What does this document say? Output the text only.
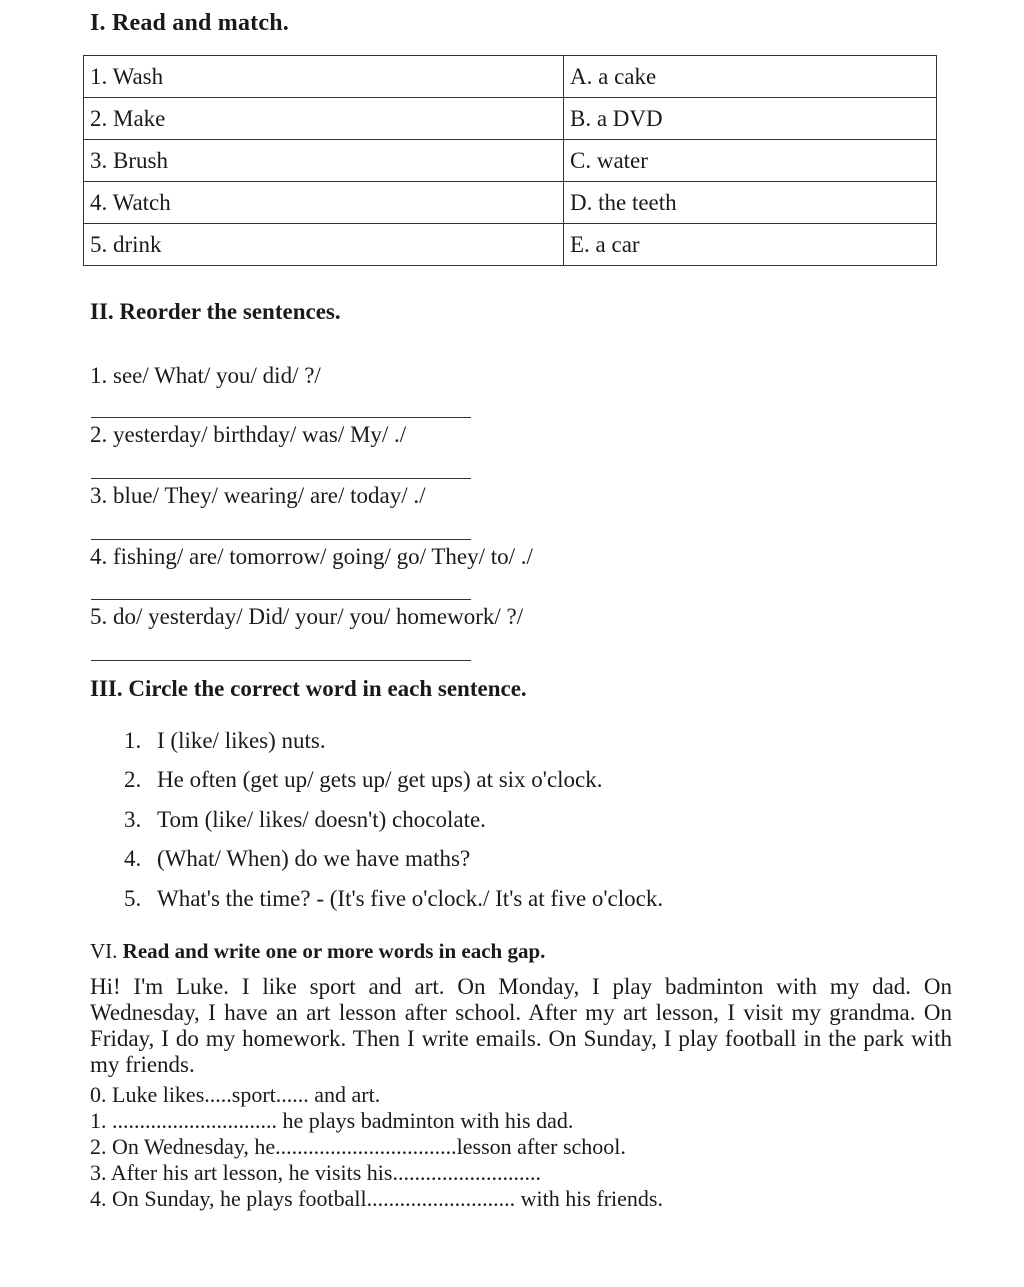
I. Read and match.
1. Wash	A. a cake
2. Make	B. a DVD
3. Brush	C. water
4. Watch	D. the teeth
5. drink	E. a car
II. Reorder the sentences.
1. see/ What/ you/ did/ ?/
2. yesterday/ birthday/ was/ My/ ./
3. blue/ They/ wearing/ are/ today/ ./
4. fishing/ are/ tomorrow/ going/ go/ They/ to/ ./
5. do/ yesterday/ Did/ your/ you/ homework/ ?/
III. Circle the correct word in each sentence.
1. I (like/ likes) nuts.
2. He often (get up/ gets up/ get ups) at six o'clock.
3. Tom (like/ likes/ doesn't) chocolate.
4. (What/ When) do we have maths?
5. What's the time? - (It's five o'clock./ It's at five o'clock.
VI. Read and write one or more words in each gap.
Hi! I'm Luke. I like sport and art. On Monday, I play badminton with my dad. On Wednesday, I have an art lesson after school. After my art lesson, I visit my grandma. On Friday, I do my homework. Then I write emails. On Sunday, I play football in the park with my friends.
0. Luke likes.....sport...... and art.
1. .............................. he plays badminton with his dad.
2. On Wednesday, he.................................lesson after school.
3. After his art lesson, he visits his...........................
4. On Sunday, he plays football........................... with his friends.
